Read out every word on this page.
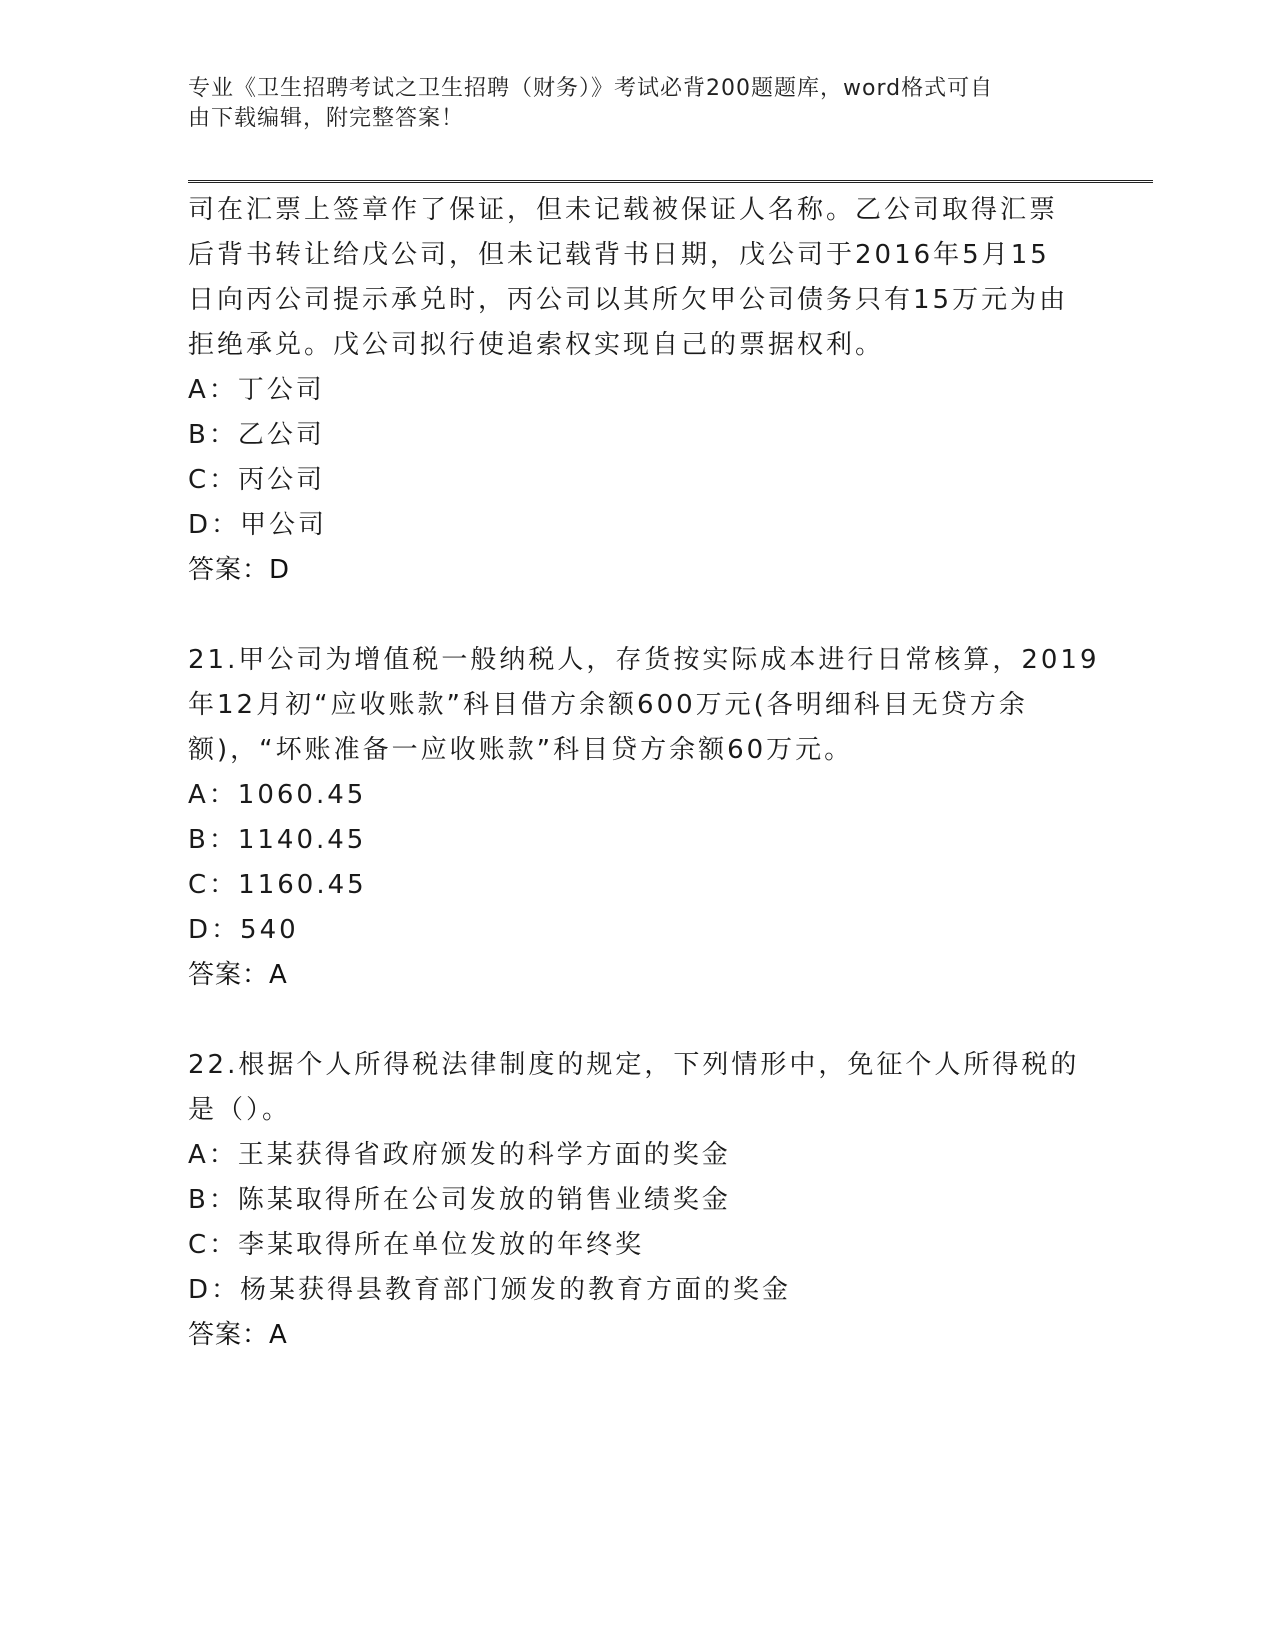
专业《卫生招聘考试之卫生招聘（财务）》考试必背200题题库，word格式可自
由下载编辑，附完整答案！
司在汇票上签章作了保证，但未记载被保证人名称。乙公司取得汇票
后背书转让给戊公司，但未记载背书日期，戊公司于2016年5月15
日向丙公司提示承兑时，丙公司以其所欠甲公司债务只有15万元为由
拒绝承兑。戊公司拟行使追索权实现自己的票据权利。
A：丁公司
B：乙公司
C：丙公司
D：甲公司
答案：D
21.甲公司为增值税一般纳税人，存货按实际成本进行日常核算，2019
年12月初“应收账款”科目借方余额600万元(各明细科目无贷方余
额)，“坏账准备一应收账款”科目贷方余额60万元。
A：1060.45
B：1140.45
C：1160.45
D：540
答案：A
22.根据个人所得税法律制度的规定，下列情形中，免征个人所得税的
是（）。
A：王某获得省政府颁发的科学方面的奖金
B：陈某取得所在公司发放的销售业绩奖金
C：李某取得所在单位发放的年终奖
D：杨某获得县教育部门颁发的教育方面的奖金
答案：A
